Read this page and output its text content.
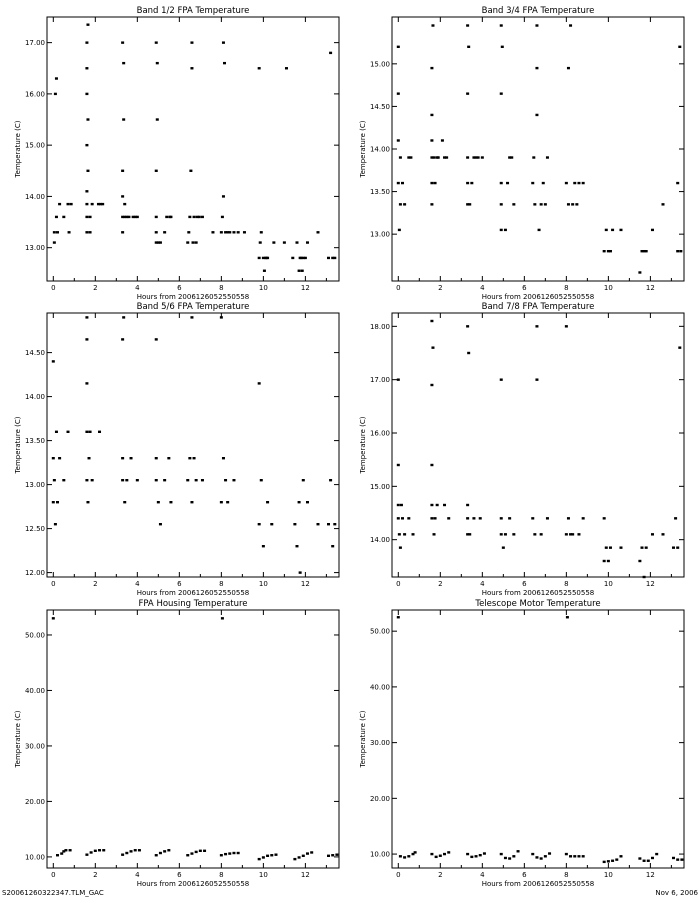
Band 1/2 FPA Temperature
0	2	4	6	8	10	12
13.00
14.00
15.00
16.00
17.00
Hours from 2006126052550558
Temperature (C)
Band 3/4 FPA Temperature
0	2	4	6	8	10	12
13.00
13.50
14.00
14.50
15.00
Hours from 2006126052550558
Temperature (C)
Band 5/6 FPA Temperature
0	2	4	6	8	10	12
12.00
12.50
13.00
13.50
14.00
14.50
Hours from 2006126052550558
Temperature (C)
Band 7/8 FPA Temperature
0	2	4	6	8	10	12
14.00
15.00
16.00
17.00
18.00
Hours from 2006126052550558
Temperature (C)
FPA Housing Temperature
0	2	4	6	8	10	12
10.00
20.00
30.00
40.00
50.00
Hours from 2006126052550558
Temperature (C)
Telescope Motor Temperature
0	2	4	6	8	10	12
10.00
20.00
30.00
40.00
50.00
Hours from 2006126052550558
Temperature (C)
S20061260322347.TLM_GAC	Nov 6, 2006
